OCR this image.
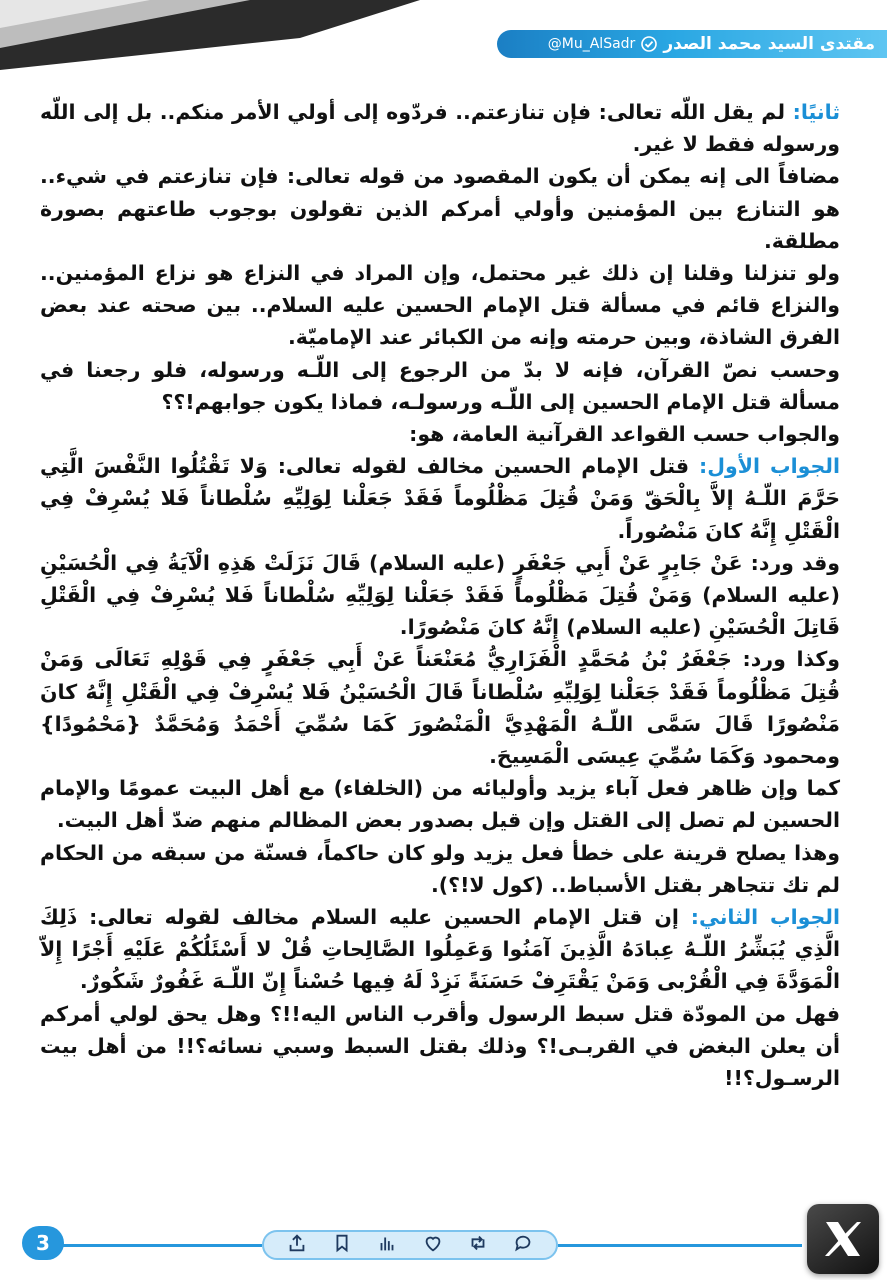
مقتدى السيد محمد الصدر
@Mu_AlSadr

ثانيًا: لم يقل اللّه تعالى: فإن تنازعتم.. فردّوه إلى أولي الأمر منكم.. بل إلى اللّه ورسوله فقط لا غير.

مضافاً الى إنه يمكن أن يكون المقصود من قوله تعالى: فإن تنازعتم في شيء.. هو التنازع بين المؤمنين وأولي أمركم الذين تقولون بوجوب طاعتهم بصورة مطلقة.

ولو تنزلنا وقلنا إن ذلك غير محتمل، وإن المراد في النزاع هو نزاع المؤمنين.. والنزاع قائم في مسألة قتل الإمام الحسين عليه السلام.. بين صحته عند بعض الفرق الشاذة، وبين حرمته وإنه من الكبائر عند الإماميّة.

وحسب نصّ القرآن، فإنه لا بدّ من الرجوع إلى اللّـه ورسوله، فلو رجعنا في مسألة قتل الإمام الحسين إلى اللّـه ورسولـه، فماذا يكون جوابهم!؟؟

والجواب حسب القواعد القرآنية العامة، هو:

الجواب الأول: قتل الإمام الحسين مخالف لقوله تعالى: وَلا تَقْتُلُوا النَّفْسَ الَّتِي حَرَّمَ اللّـهُ إلاَّ بِالْحَقّ وَمَنْ قُتِلَ مَظْلُوماً فَقَدْ جَعَلْنا لِوَلِيِّهِ سُلْطاناً فَلا يُسْرِفْ فِي الْقَتْلِ إِنَّهُ كانَ مَنْصُوراً.

وقد ورد: عَنْ جَابِرٍ عَنْ أَبِي جَعْفَرٍ (عليه السلام) قَالَ نَزَلَتْ هَذِهِ الْآيَةُ فِي الْحُسَيْنِ (عليه السلام) وَمَنْ قُتِلَ مَظْلُوماً فَقَدْ جَعَلْنا لِوَلِيِّهِ سُلْطاناً فَلا يُسْرِفْ فِي الْقَتْلِ قَاتِلَ الْحُسَيْنِ (عليه السلام) إِنَّهُ كانَ مَنْصُورًا.

وكذا ورد: جَعْفَرُ بْنُ مُحَمَّدٍ الْفَزَارِيُّ مُعَنْعَناً عَنْ أَبِي جَعْفَرٍ فِي قَوْلِهِ تَعَالَى وَمَنْ قُتِلَ مَظْلُوماً فَقَدْ جَعَلْنا لِوَلِيِّهِ سُلْطاناً قَالَ الْحُسَيْنُ فَلا يُسْرِفْ فِي الْقَتْلِ إِنَّهُ كانَ مَنْصُورًا قَالَ سَمَّى اللّـهُ الْمَهْدِيَّ الْمَنْصُورَ كَمَا سُمِّيَ أَحْمَدُ وَمُحَمَّدٌ {مَحْمُودًا} ومحمود وَكَمَا سُمِّيَ عِيسَى الْمَسِيحَ.

كما وإن ظاهر فعل آباء يزيد وأوليائه من (الخلفاء) مع أهل البيت عمومًا والإمام الحسين لم تصل إلى القتل وإن قيل بصدور بعض المظالم منهم ضدّ أهل البيت.

وهذا يصلح قرينة على خطأ فعل يزيد ولو كان حاكماً، فسنّة من سبقه من الحكام لم تك تتجاهر بقتل الأسباط.. (كول لا!؟).

الجواب الثاني: إن قتل الإمام الحسين عليه السلام مخالف لقوله تعالى: ذَلِكَ الَّذِي يُبَشِّرُ اللّـهُ عِبادَهُ الَّذِينَ آمَنُوا وَعَمِلُوا الصَّالِحاتِ قُلْ لا أَسْئَلُكُمْ عَلَيْهِ أَجْرًا إِلاّ الْمَوَدَّةَ فِي الْقُرْبى وَمَنْ يَقْتَرِفْ حَسَنَةً نَزِدْ لَهُ فِيها حُسْناً إِنّ اللّـهَ غَفُورٌ شَكُورٌ.

فهل من المودّة قتل سبط الرسول وأقرب الناس اليه!!؟ وهل يحق لولي أمركم أن يعلن البغض في القربـى!؟ وذلك بقتل السبط وسبي نسائه؟!! من أهل بيت الرسـول؟!!

3
